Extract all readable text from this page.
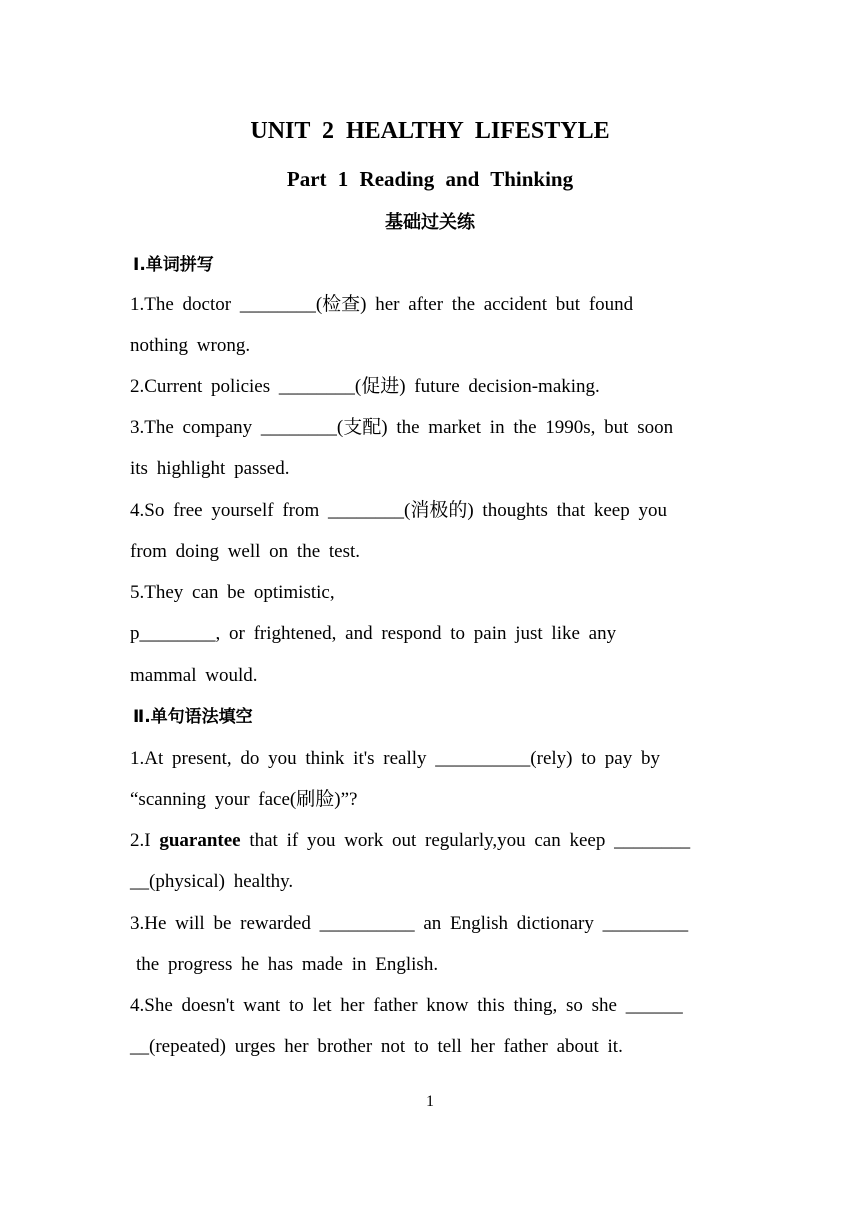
UNIT 2 HEALTHY LIFESTYLE
Part 1 Reading and Thinking
基础过关练
Ⅰ.单词拼写
1.The doctor ________(检查) her after the accident but found
nothing wrong.
2.Current policies ________(促进) future decision-making.
3.The company ________(支配) the market in the 1990s, but soon
its highlight passed.
4.So free yourself from ________(消极的) thoughts that keep you
from doing well on the test.
5.They can be optimistic,
p________, or frightened, and respond to pain just like any
mammal would.
Ⅱ.单句语法填空
1.At present, do you think it's really __________(rely) to pay by
“scanning your face(刷脸)”?
2.I guarantee that if you work out regularly,you can keep ________
__(physical) healthy.
3.He will be rewarded __________ an English dictionary _________
the progress he has made in English.
4.She doesn't want to let her father know this thing, so she ______
__(repeated) urges her brother not to tell her father about it.
1
